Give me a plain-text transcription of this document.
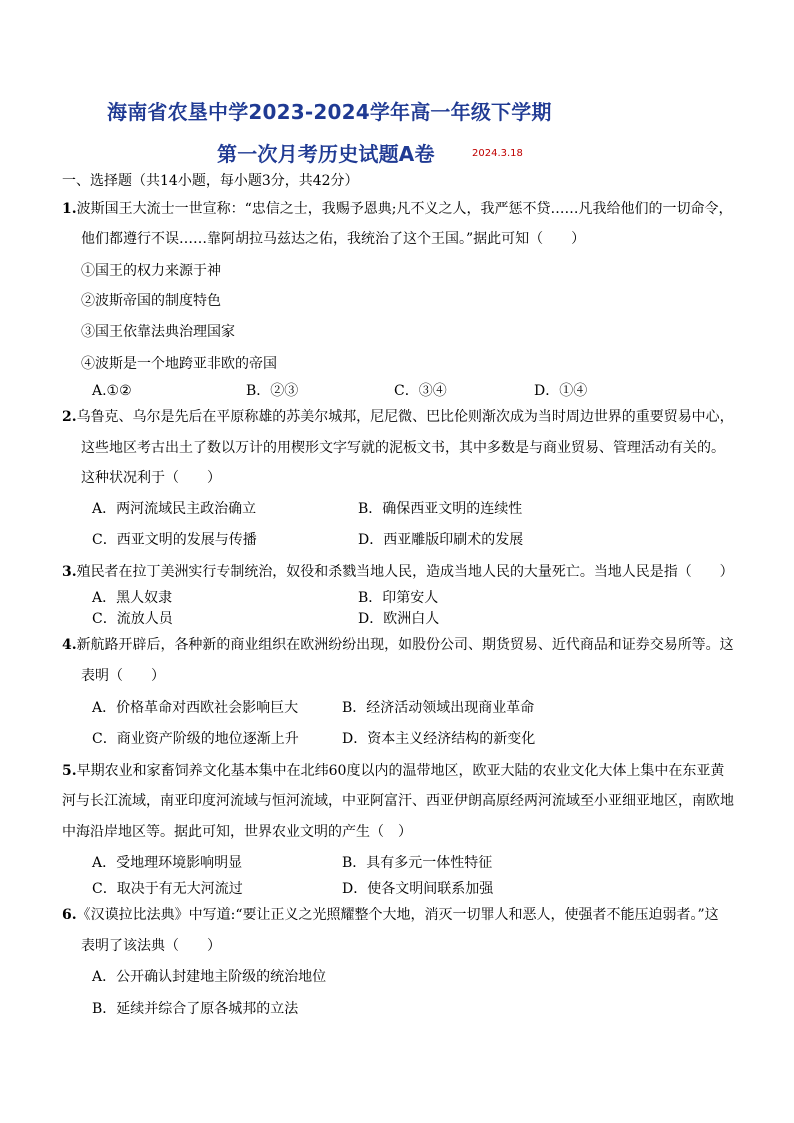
海南省农垦中学2023-2024学年高一年级下学期
第一次月考历史试题A卷	2024.3.18
一、选择题（共14小题，每小题3分，共42分）
1.波斯国王大流士一世宣称：“忠信之士，我赐予恩典;凡不义之人，我严惩不贷……凡我给他们的一切命令，
他们都遵行不误……靠阿胡拉马兹达之佑，我统治了这个王国。”据此可知（　　）
①国王的权力来源于神
②波斯帝国的制度特色
③国王依靠法典治理国家
④波斯是一个地跨亚非欧的帝国
A.①②	B．②③	C．③④	D．①④
2.乌鲁克、乌尔是先后在平原称雄的苏美尔城邦，尼尼微、巴比伦则渐次成为当时周边世界的重要贸易中心，
这些地区考古出土了数以万计的用楔形文字写就的泥板文书，其中多数是与商业贸易、管理活动有关的。
这种状况利于（　　）
A．两河流域民主政治确立	B．确保西亚文明的连续性
C．西亚文明的发展与传播	D．西亚雕版印刷术的发展
3.殖民者在拉丁美洲实行专制统治，奴役和杀戮当地人民，造成当地人民的大量死亡。当地人民是指（　　）
A．黑人奴隶	B．印第安人
C．流放人员	D．欧洲白人
4.新航路开辟后，各种新的商业组织在欧洲纷纷出现，如股份公司、期货贸易、近代商品和证券交易所等。这
表明（　　）
A．价格革命对西欧社会影响巨大	B．经济活动领域出现商业革命
C．商业资产阶级的地位逐渐上升	D．资本主义经济结构的新变化
5.早期农业和家畜饲养文化基本集中在北纬60度以内的温带地区，欧亚大陆的农业文化大体上集中在东亚黄
河与长江流域，南亚印度河流域与恒河流域，中亚阿富汗、西亚伊朗高原经两河流域至小亚细亚地区，南欧地
中海沿岸地区等。据此可知，世界农业文明的产生（　）
A．受地理环境影响明显	B．具有多元一体性特征
C．取决于有无大河流过	D．使各文明间联系加强
6.《汉谟拉比法典》中写道:“要让正义之光照耀整个大地，消灭一切罪人和恶人，使强者不能压迫弱者。”这
表明了该法典（　　）
A．公开确认封建地主阶级的统治地位
B．延续并综合了原各城邦的立法
